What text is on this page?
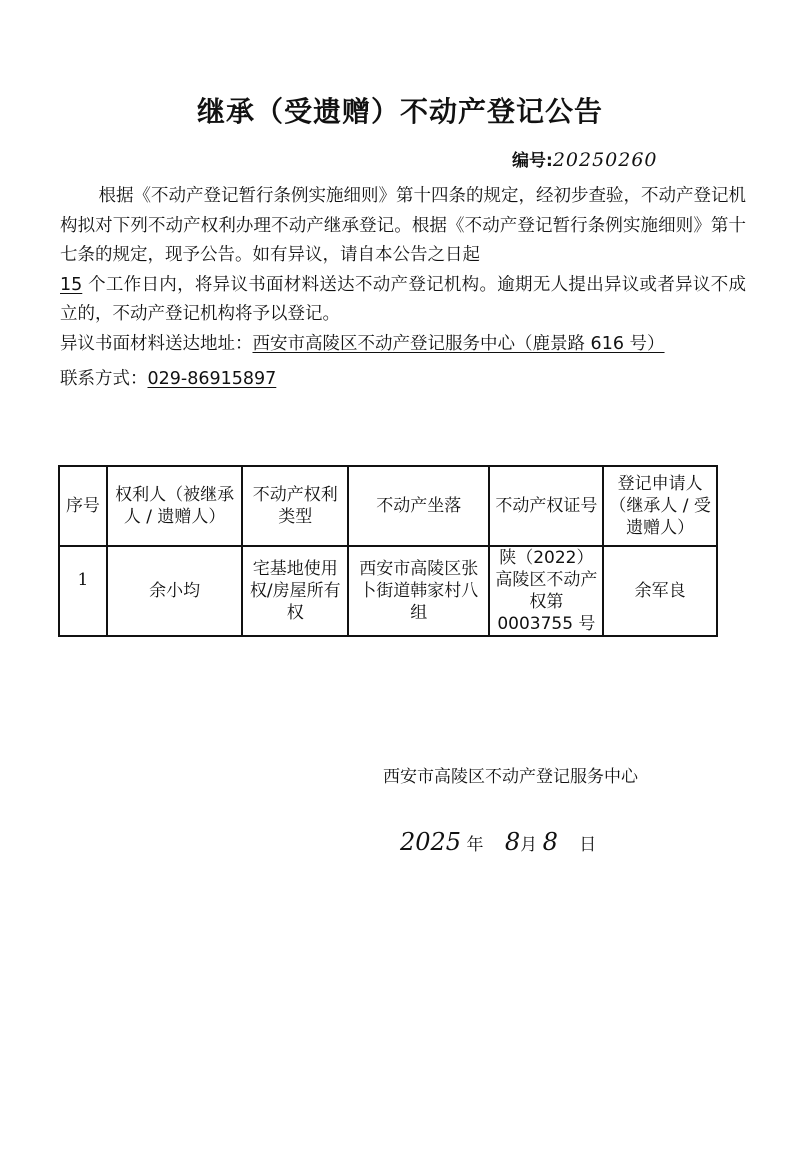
继承（受遗赠）不动产登记公告
编号:20250260

根据《不动产登记暂行条例实施细则》第十四条的规定，经初步查验，不动产登记机构拟对下列不动产权利办理不动产继承登记。根据《不动产登记暂行条例实施细则》第十七条的规定，现予公告。如有异议，请自本公告之日起
15 个工作日内，将异议书面材料送达不动产登记机构。逾期无人提出异议或者异议不成立的，不动产登记机构将予以登记。

异议书面材料送达地址：西安市高陵区不动产登记服务中心（鹿景路 616 号）

联系方式：029-86915897

序号	权利人（被继承人 / 遗赠人）	不动产权利类型	不动产坐落	不动产权证号	登记申请人（继承人 / 受遗赠人）
1	余小均	宅基地使用权/房屋所有权	西安市高陵区张卜街道韩家村八组	陕（2022）高陵区不动产权第 0003755 号	余军良
西安市高陵区不动产登记服务中心
2025 年 8月 8 日
